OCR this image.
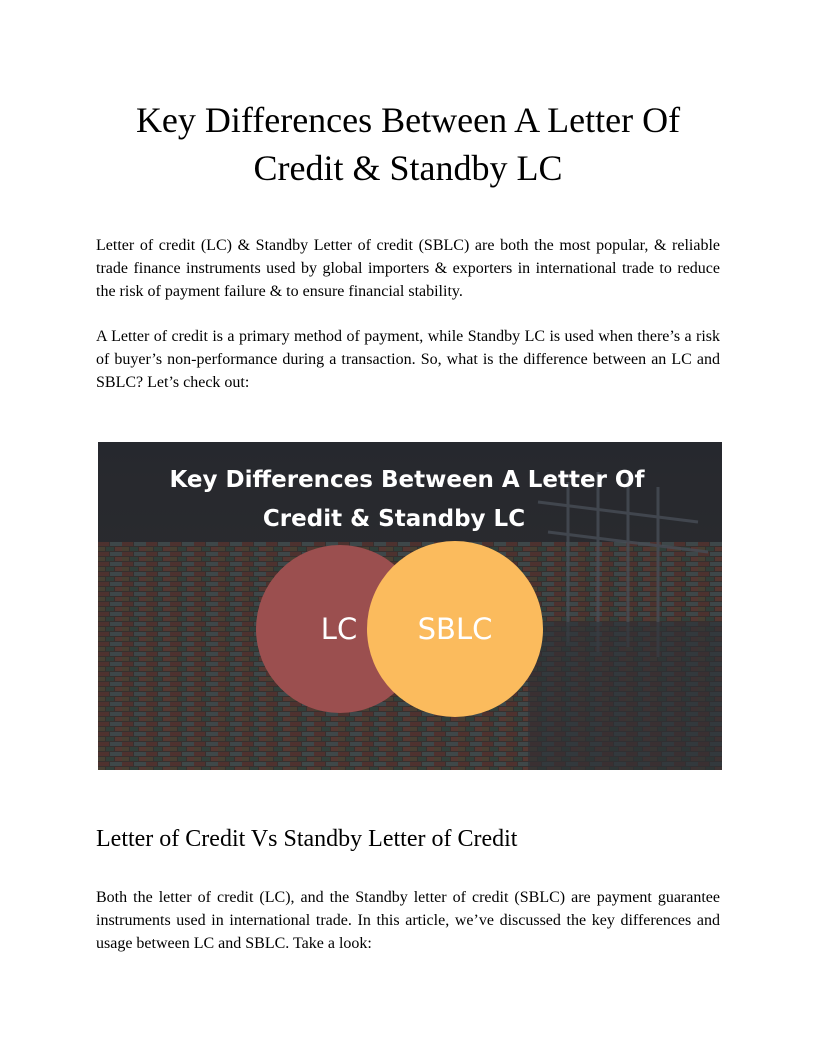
Key Differences Between A Letter Of Credit & Standby LC

Letter of credit (LC) & Standby Letter of credit (SBLC) are both the most popular, & reliable trade finance instruments used by global importers & exporters in international trade to reduce the risk of payment failure & to ensure financial stability.

A Letter of credit is a primary method of payment, while Standby LC is used when there’s a risk of buyer’s non-performance during a transaction. So, what is the difference between an LC and SBLC? Let’s check out:

Key Differences Between A Letter Of
Credit & Standby LC
LC SBLC
Letter of Credit Vs Standby Letter of Credit

Both the letter of credit (LC), and the Standby letter of credit (SBLC) are payment guarantee instruments used in international trade. In this article, we’ve discussed the key differences and usage between LC and SBLC. Take a look:
